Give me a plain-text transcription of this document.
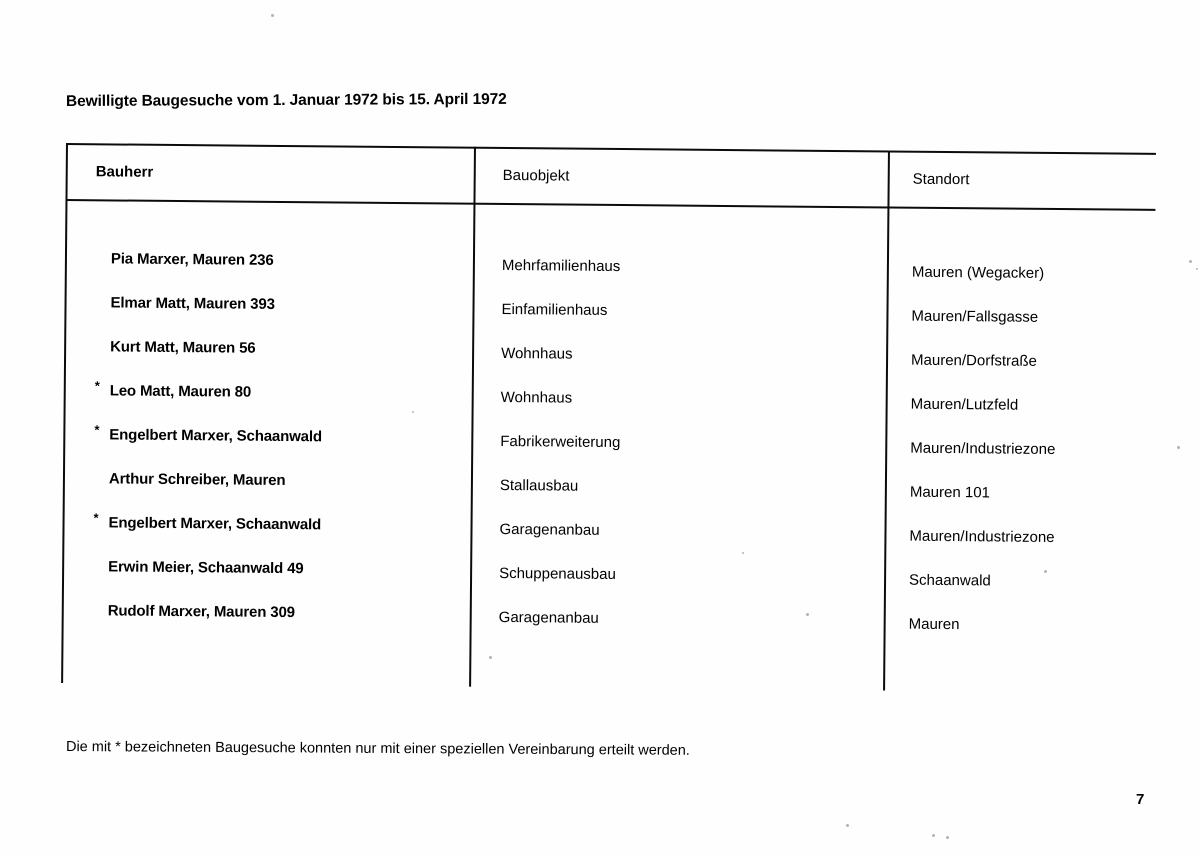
Bewilligte Baugesuche vom 1. Januar 1972 bis 15. April 1972
Bauherr	Bauobjekt	Standort
Pia Marxer, Mauren 236	Mehrfamilienhaus	Mauren (Wegacker)
Elmar Matt, Mauren 393	Einfamilienhaus	Mauren/Fallsgasse
Kurt Matt, Mauren 56	Wohnhaus	Mauren/Dorfstraße
* Leo Matt, Mauren 80	Wohnhaus	Mauren/Lutzfeld
* Engelbert Marxer, Schaanwald	Fabrikerweiterung	Mauren/Industriezone
Arthur Schreiber, Mauren	Stallausbau	Mauren 101
* Engelbert Marxer, Schaanwald	Garagenanbau	Mauren/Industriezone
Erwin Meier, Schaanwald 49	Schuppenausbau	Schaanwald
Rudolf Marxer, Mauren 309	Garagenanbau	Mauren
Die mit * bezeichneten Baugesuche konnten nur mit einer speziellen Vereinbarung erteilt werden.
7
